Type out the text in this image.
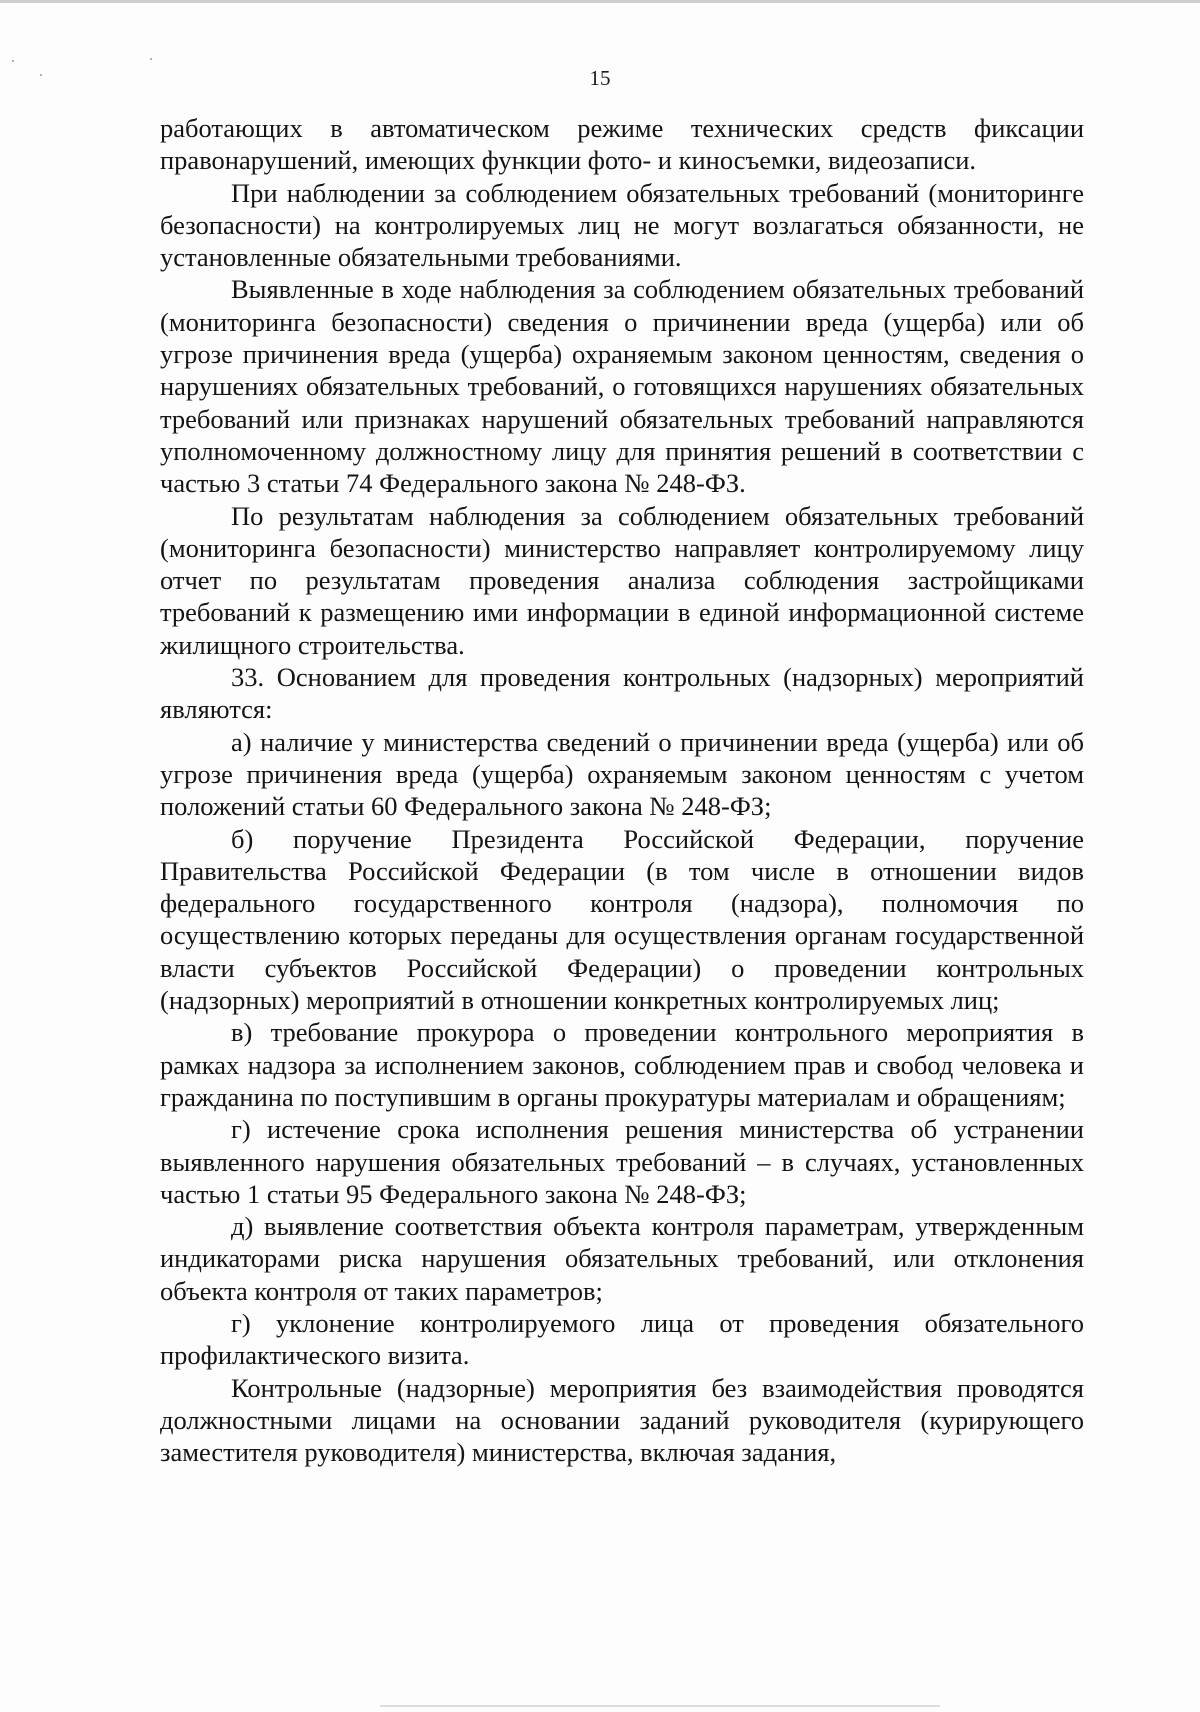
15

работающих в автоматическом режиме технических средств фиксации правонарушений, имеющих функции фото- и киносъемки, видеозаписи.

При наблюдении за соблюдением обязательных требований (мониторинге безопасности) на контролируемых лиц не могут возлагаться обязанности, не установленные обязательными требованиями.

Выявленные в ходе наблюдения за соблюдением обязательных требований (мониторинга безопасности) сведения о причинении вреда (ущерба) или об угрозе причинения вреда (ущерба) охраняемым законом ценностям, сведения о нарушениях обязательных требований, о готовящихся нарушениях обязательных требований или признаках нарушений обязательных требований направляются уполномоченному должностному лицу для принятия решений в соответствии с частью 3 статьи 74 Федерального закона № 248-ФЗ.

По результатам наблюдения за соблюдением обязательных требований (мониторинга безопасности) министерство направляет контролируемому лицу отчет по результатам проведения анализа соблюдения застройщиками требований к размещению ими информации в единой информационной системе жилищного строительства.

33. Основанием для проведения контрольных (надзорных) мероприятий являются:

а) наличие у министерства сведений о причинении вреда (ущерба) или об угрозе причинения вреда (ущерба) охраняемым законом ценностям с учетом положений статьи 60 Федерального закона № 248-ФЗ;

б) поручение Президента Российской Федерации, поручение Правительства Российской Федерации (в том числе в отношении видов федерального государственного контроля (надзора), полномочия по осуществлению которых переданы для осуществления органам государственной власти субъектов Российской Федерации) о проведении контрольных (надзорных) мероприятий в отношении конкретных контролируемых лиц;

в) требование прокурора о проведении контрольного мероприятия в рамках надзора за исполнением законов, соблюдением прав и свобод человека и гражданина по поступившим в органы прокуратуры материалам и обращениям;

г) истечение срока исполнения решения министерства об устранении выявленного нарушения обязательных требований – в случаях, установленных частью 1 статьи 95 Федерального закона № 248-ФЗ;

д) выявление соответствия объекта контроля параметрам, утвержденным индикаторами риска нарушения обязательных требований, или отклонения объекта контроля от таких параметров;

г) уклонение контролируемого лица от проведения обязательного профилактического визита.

Контрольные (надзорные) мероприятия без взаимодействия проводятся должностными лицами на основании заданий руководителя (курирующего заместителя руководителя) министерства, включая задания,
